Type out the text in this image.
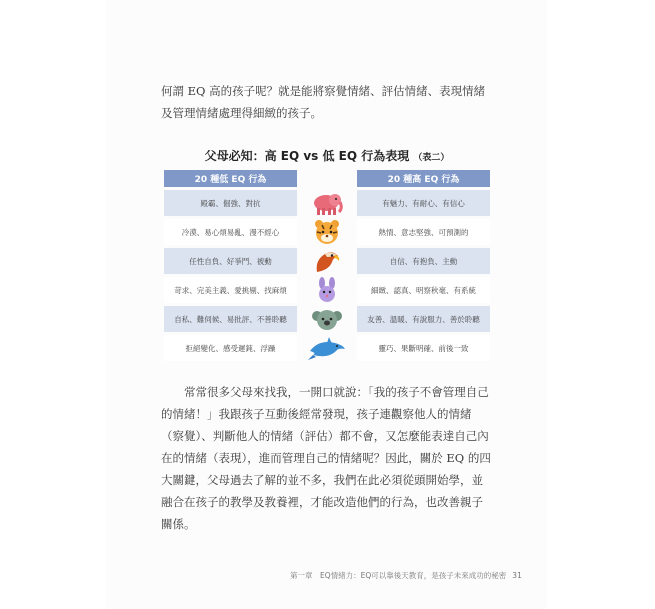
何謂 EQ 高的孩子呢？就是能將察覺情緒、評估情緒、表現情緒及管理情緒處理得細緻的孩子。

父母必知：高 EQ vs 低 EQ 行為表現 （表二）
20 種低 EQ 行為	20 種高 EQ 行為
殿霸、倔強、對抗	有魅力、有耐心、有信心
冷漠、易心煩易亂、漫不經心	熱情、意志堅強、可預測的
任性自負、好爭鬥、被動	自信、有抱負、主動
苛求、完美主義、愛挑剔、找麻煩	細緻、認真、明察秋毫、有系統
自私、難伺候、易批評、不善聆聽	友善、溫暖、有說服力、善於聆聽
拒絕變化、感受遲鈍、浮躁	靈巧、果斷明確、前後一致

常常很多父母來找我，一開口就說：「我的孩子不會管理自己的情緒！」我跟孩子互動後經常發現，孩子連觀察他人的情緒（察覺）、判斷他人的情緒（評估）都不會，又怎麼能表達自己內在的情緒（表現），進而管理自己的情緒呢？因此，關於 EQ 的四大關鍵，父母過去了解的並不多，我們在此必須從頭開始學，並融合在孩子的教學及教養裡，才能改造他們的行為，也改善親子關係。

第一章　EQ情緒力：EQ可以靠後天教育，是孩子未來成功的秘密 31
